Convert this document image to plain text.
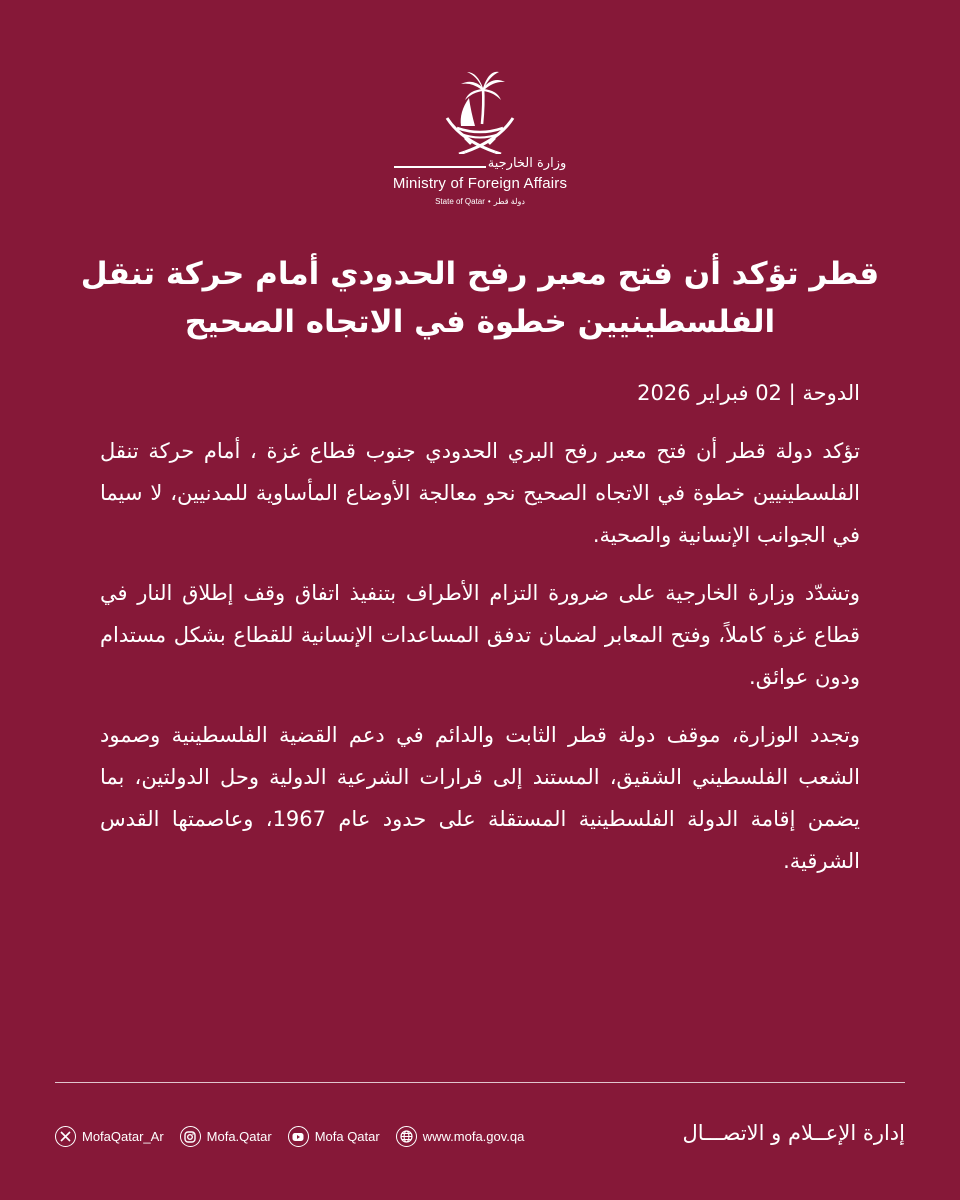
وزارة الخارجية
Ministry of Foreign Affairs
State of Qatar • دولة قطر
قطر تؤكد أن فتح معبر رفح الحدودي أمام حركة تنقل
الفلسطينيين خطوة في الاتجاه الصحيح

الدوحة | 02 فبراير 2026

تؤكد دولة قطر أن فتح معبر رفح البري الحدودي جنوب قطاع غزة ، أمام حركة تنقل الفلسطينيين خطوة في الاتجاه الصحيح نحو معالجة الأوضاع المأساوية للمدنيين، لا سيما في الجوانب الإنسانية والصحية.

وتشدّد وزارة الخارجية على ضرورة التزام الأطراف بتنفيذ اتفاق وقف إطلاق النار في قطاع غزة كاملاً، وفتح المعابر لضمان تدفق المساعدات الإنسانية للقطاع بشكل مستدام ودون عوائق.

وتجدد الوزارة، موقف دولة قطر الثابت والدائم في دعم القضية الفلسطينية وصمود الشعب الفلسطيني الشقيق، المستند إلى قرارات الشرعية الدولية وحل الدولتين، بما يضمن إقامة الدولة الفلسطينية المستقلة على حدود عام 1967، وعاصمتها القدس الشرقية.

إدارة الإعــلام و الاتصـــال
MofaQatar_Ar	Mofa.Qatar	Mofa Qatar	www.mofa.gov.qa
